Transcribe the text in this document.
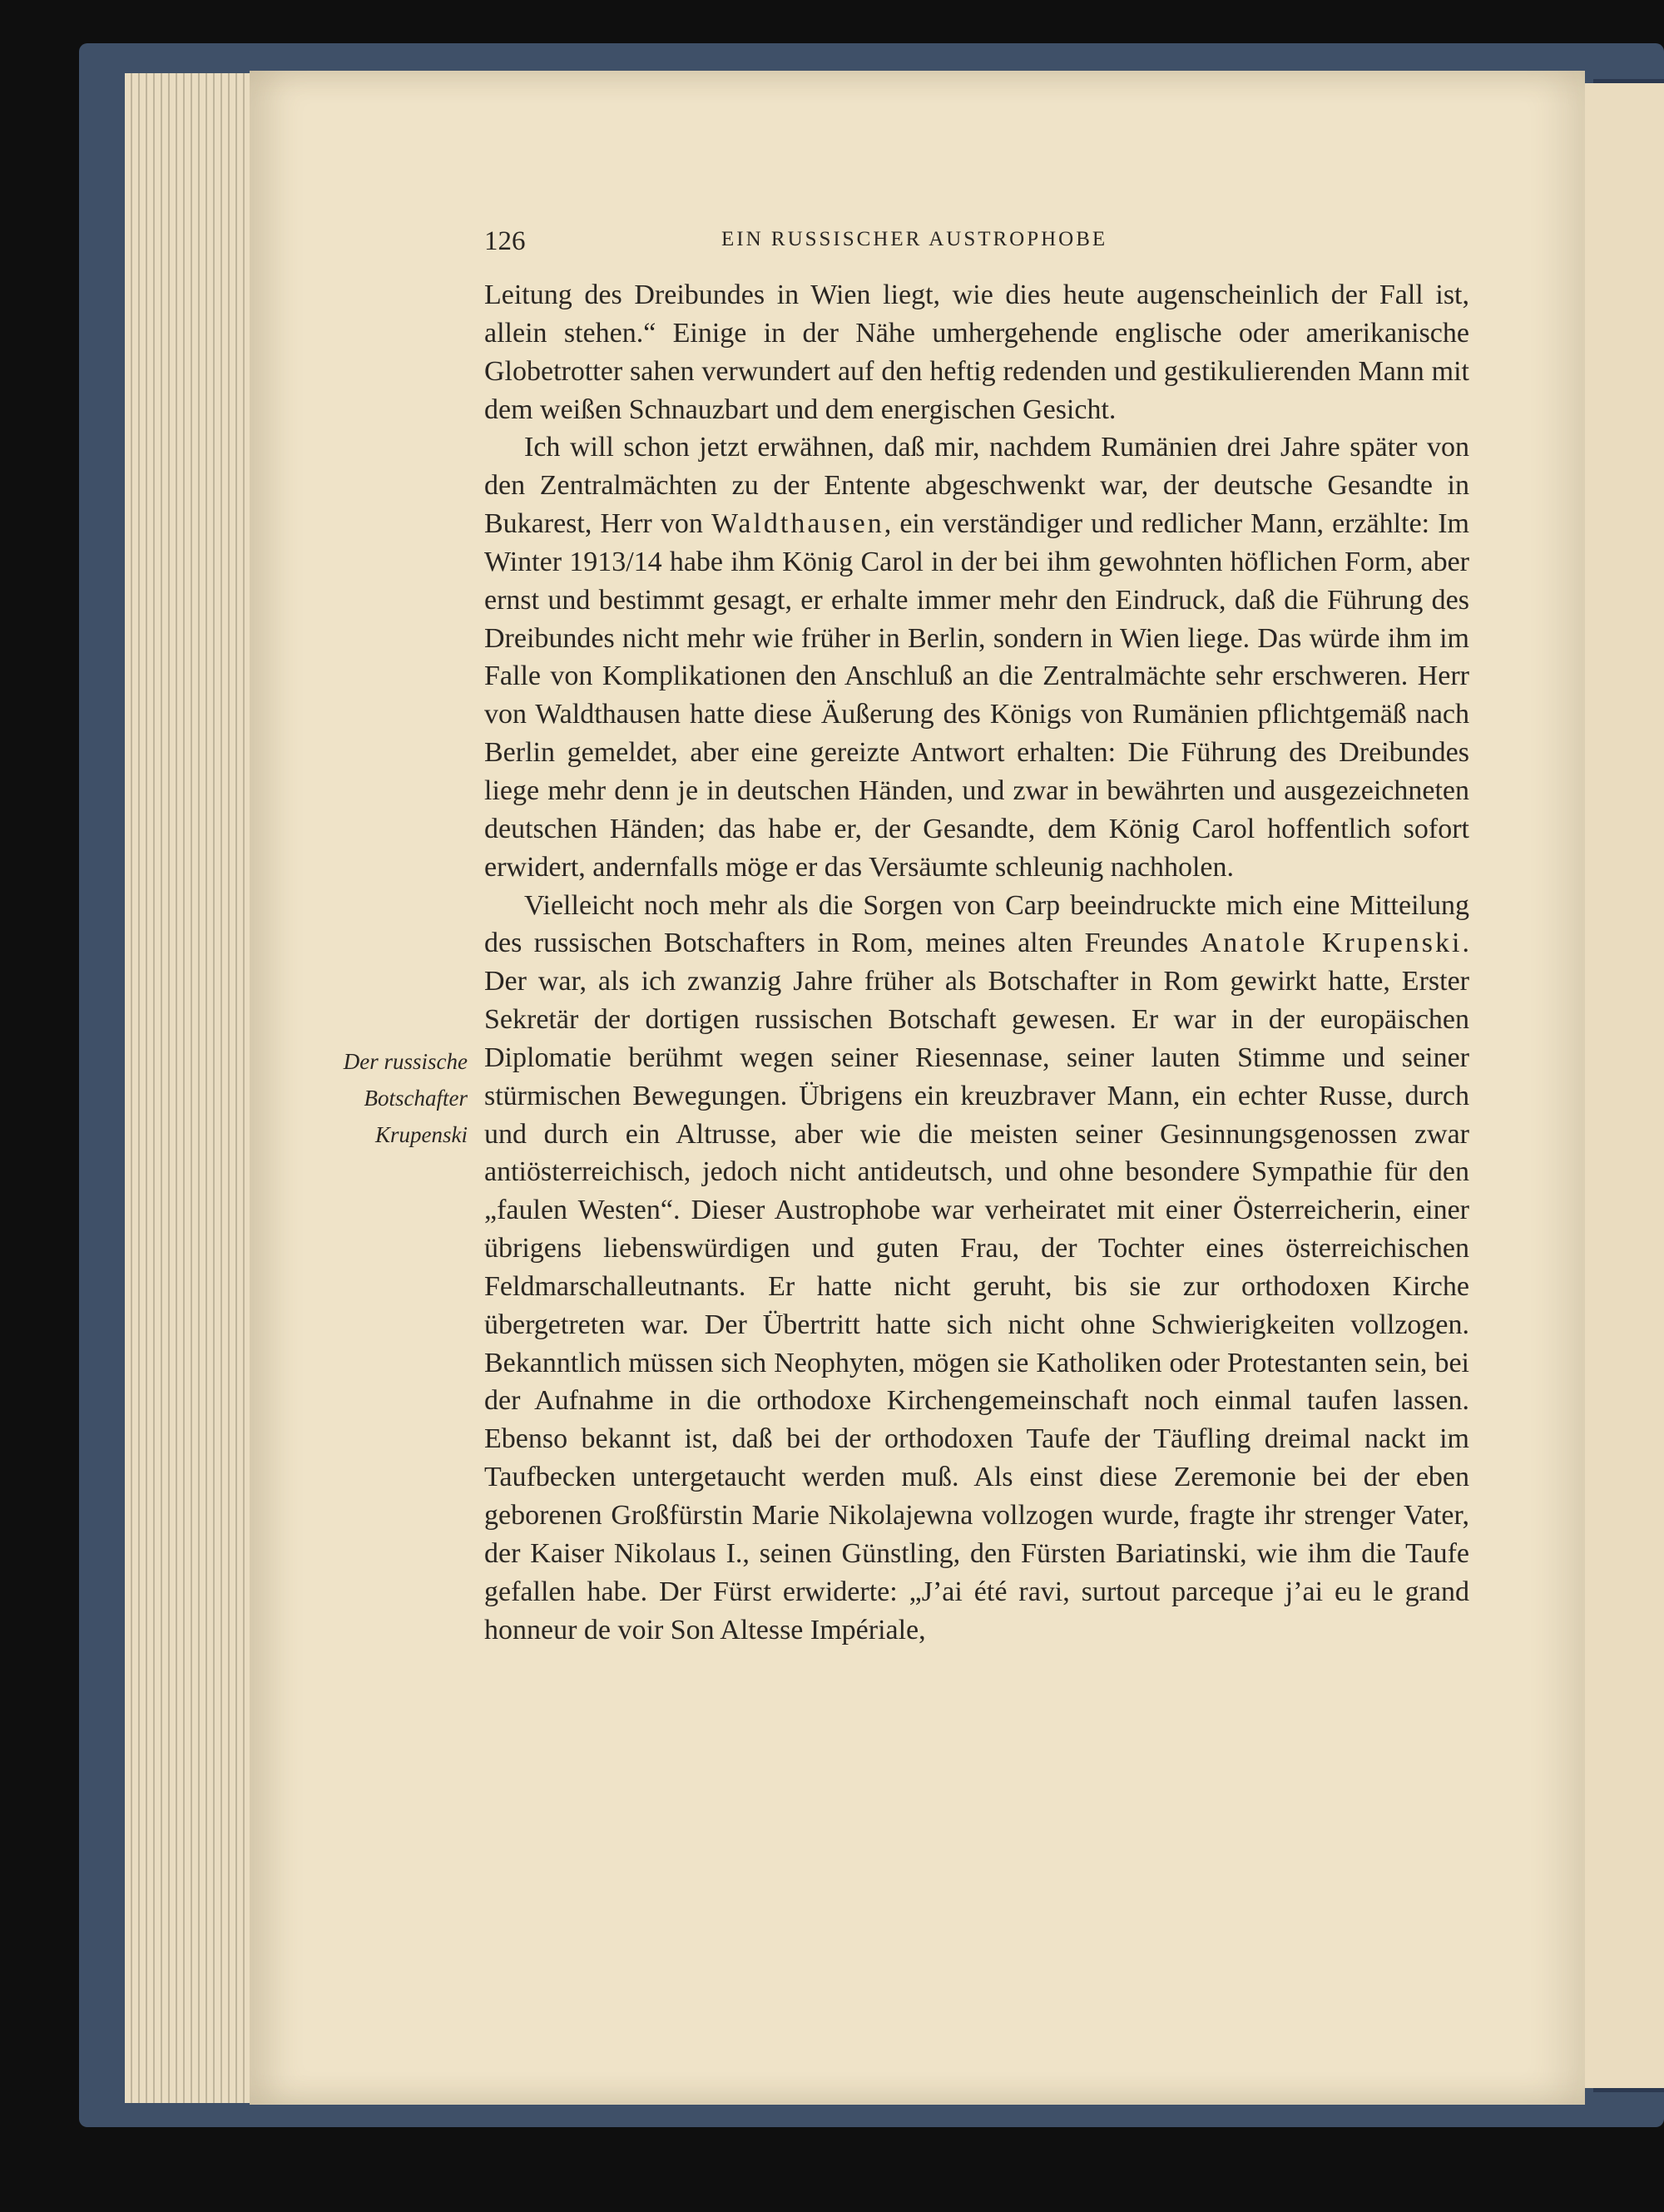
126	EIN RUSSISCHER AUSTROPHOBE
Der russische
Botschafter
Krupenski

Leitung des Dreibundes in Wien liegt, wie dies heute augenscheinlich der Fall ist, allein stehen.“ Einige in der Nähe umhergehende englische oder amerikanische Globetrotter sahen verwundert auf den heftig redenden und gestikulierenden Mann mit dem weißen Schnauzbart und dem energischen Gesicht.

Ich will schon jetzt erwähnen, daß mir, nachdem Rumänien drei Jahre später von den Zentralmächten zu der Entente abgeschwenkt war, der deutsche Gesandte in Bukarest, Herr von Waldthausen, ein verständiger und redlicher Mann, erzählte: Im Winter 1913/14 habe ihm König Carol in der bei ihm gewohnten höflichen Form, aber ernst und bestimmt gesagt, er erhalte immer mehr den Eindruck, daß die Führung des Dreibundes nicht mehr wie früher in Berlin, sondern in Wien liege. Das würde ihm im Falle von Komplikationen den Anschluß an die Zentralmächte sehr erschweren. Herr von Waldthausen hatte diese Äußerung des Königs von Rumänien pflichtgemäß nach Berlin gemeldet, aber eine gereizte Antwort erhalten: Die Führung des Dreibundes liege mehr denn je in deutschen Händen, und zwar in bewährten und ausgezeichneten deutschen Händen; das habe er, der Gesandte, dem König Carol hoffentlich sofort erwidert, andernfalls möge er das Versäumte schleunig nachholen.

Vielleicht noch mehr als die Sorgen von Carp beeindruckte mich eine Mitteilung des russischen Botschafters in Rom, meines alten Freundes Anatole Krupenski. Der war, als ich zwanzig Jahre früher als Botschafter in Rom gewirkt hatte, Erster Sekretär der dortigen russischen Botschaft gewesen. Er war in der europäischen Diplomatie berühmt wegen seiner Riesennase, seiner lauten Stimme und seiner stürmischen Bewegungen. Übrigens ein kreuzbraver Mann, ein echter Russe, durch und durch ein Altrusse, aber wie die meisten seiner Gesinnungsgenossen zwar antiösterreichisch, jedoch nicht antideutsch, und ohne besondere Sympathie für den „faulen Westen“. Dieser Austrophobe war verheiratet mit einer Österreicherin, einer übrigens liebenswürdigen und guten Frau, der Tochter eines österreichischen Feldmarschalleutnants. Er hatte nicht geruht, bis sie zur orthodoxen Kirche übergetreten war. Der Übertritt hatte sich nicht ohne Schwierigkeiten vollzogen. Bekanntlich müssen sich Neophyten, mögen sie Katholiken oder Protestanten sein, bei der Aufnahme in die orthodoxe Kirchengemeinschaft noch einmal taufen lassen. Ebenso bekannt ist, daß bei der orthodoxen Taufe der Täufling dreimal nackt im Taufbecken untergetaucht werden muß. Als einst diese Zeremonie bei der eben geborenen Großfürstin Marie Nikolajewna vollzogen wurde, fragte ihr strenger Vater, der Kaiser Nikolaus I., seinen Günstling, den Fürsten Bariatinski, wie ihm die Taufe gefallen habe. Der Fürst erwiderte: „J’ai été ravi, surtout parceque j’ai eu le grand honneur de voir Son Altesse Impériale,
